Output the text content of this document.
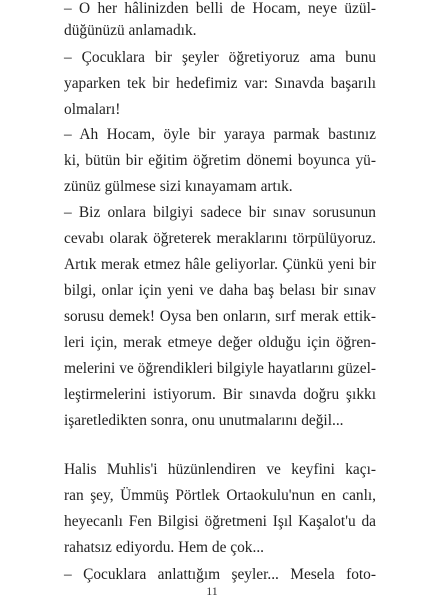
– O her hâlinizden belli de Hocam, neye üzül-
düğünüzü anlamadık.
– Çocuklara bir şeyler öğretiyoruz ama bunu
yaparken tek bir hedefimiz var: Sınavda başarılı
olmaları!
– Ah Hocam, öyle bir yaraya parmak bastınız
ki, bütün bir eğitim öğretim dönemi boyunca yü-
zünüz gülmese sizi kınayamam artık.
– Biz onlara bilgiyi sadece bir sınav sorusunun
cevabı olarak öğreterek meraklarını törpülüyoruz.
Artık merak etmez hâle geliyorlar. Çünkü yeni bir
bilgi, onlar için yeni ve daha baş belası bir sınav
sorusu demek! Oysa ben onların, sırf merak ettik-
leri için, merak etmeye değer olduğu için öğren-
melerini ve öğrendikleri bilgiyle hayatlarını güzel-
leştirmelerini istiyorum. Bir sınavda doğru şıkkı
işaretledikten sonra, onu unutmalarını değil...
Halis Muhlis'i hüzünlendiren ve keyfini kaçı-
ran şey, Ümmüş Pörtlek Ortaokulu'nun en canlı,
heyecanlı Fen Bilgisi öğretmeni Işıl Kaşalot'u da
rahatsız ediyordu. Hem de çok...
– Çocuklara anlattığım şeyler... Mesela foto-
11
